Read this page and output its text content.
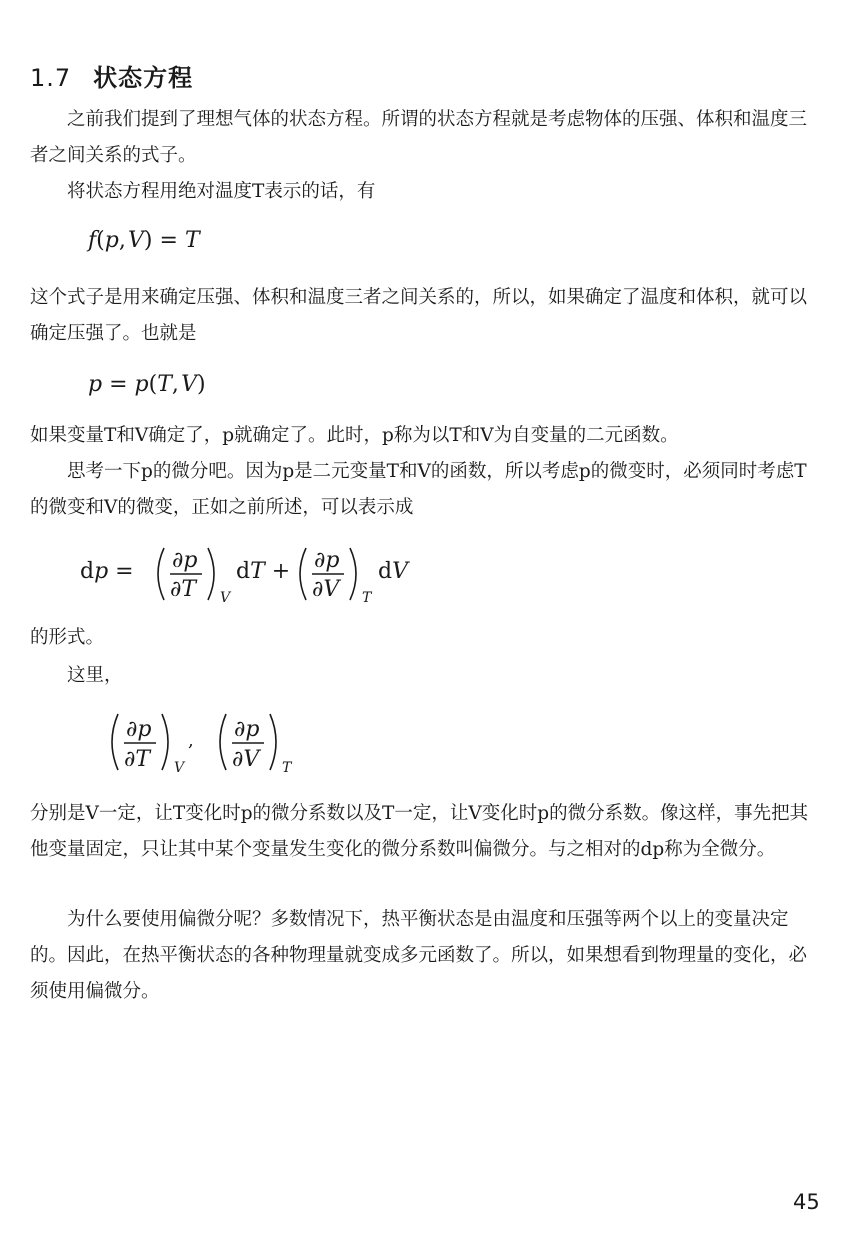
1.7 状态方程
之前我们提到了理想气体的状态方程。所谓的状态方程就是考虑物体的压强、体积和温度三者之间关系的式子。
将状态方程用绝对温度T表示的话，有
f(p, V) = T
这个式子是用来确定压强、体积和温度三者之间关系的，所以，如果确定了温度和体积，就可以确定压强了。也就是
p = p(T, V)
如果变量T和V确定了，p就确定了。此时，p称为以T和V为自变量的二元函数。
思考一下p的微分吧。因为p是二元变量T和V的函数，所以考虑p的微变时，必须同时考虑T的微变和V的微变，正如之前所述，可以表示成
dp = ∂p
∂T V
dT + ∂p
∂V T
dV
的形式。
这里，
∂p
∂T V
, ∂p
∂V T
分别是V一定，让T变化时p的微分系数以及T一定，让V变化时p的微分系数。像这样，事先把其他变量固定，只让其中某个变量发生变化的微分系数叫偏微分。与之相对的dp称为全微分。
为什么要使用偏微分呢？多数情况下，热平衡状态是由温度和压强等两个以上的变量决定的。因此，在热平衡状态的各种物理量就变成多元函数了。所以，如果想看到物理量的变化，必须使用偏微分。
45
